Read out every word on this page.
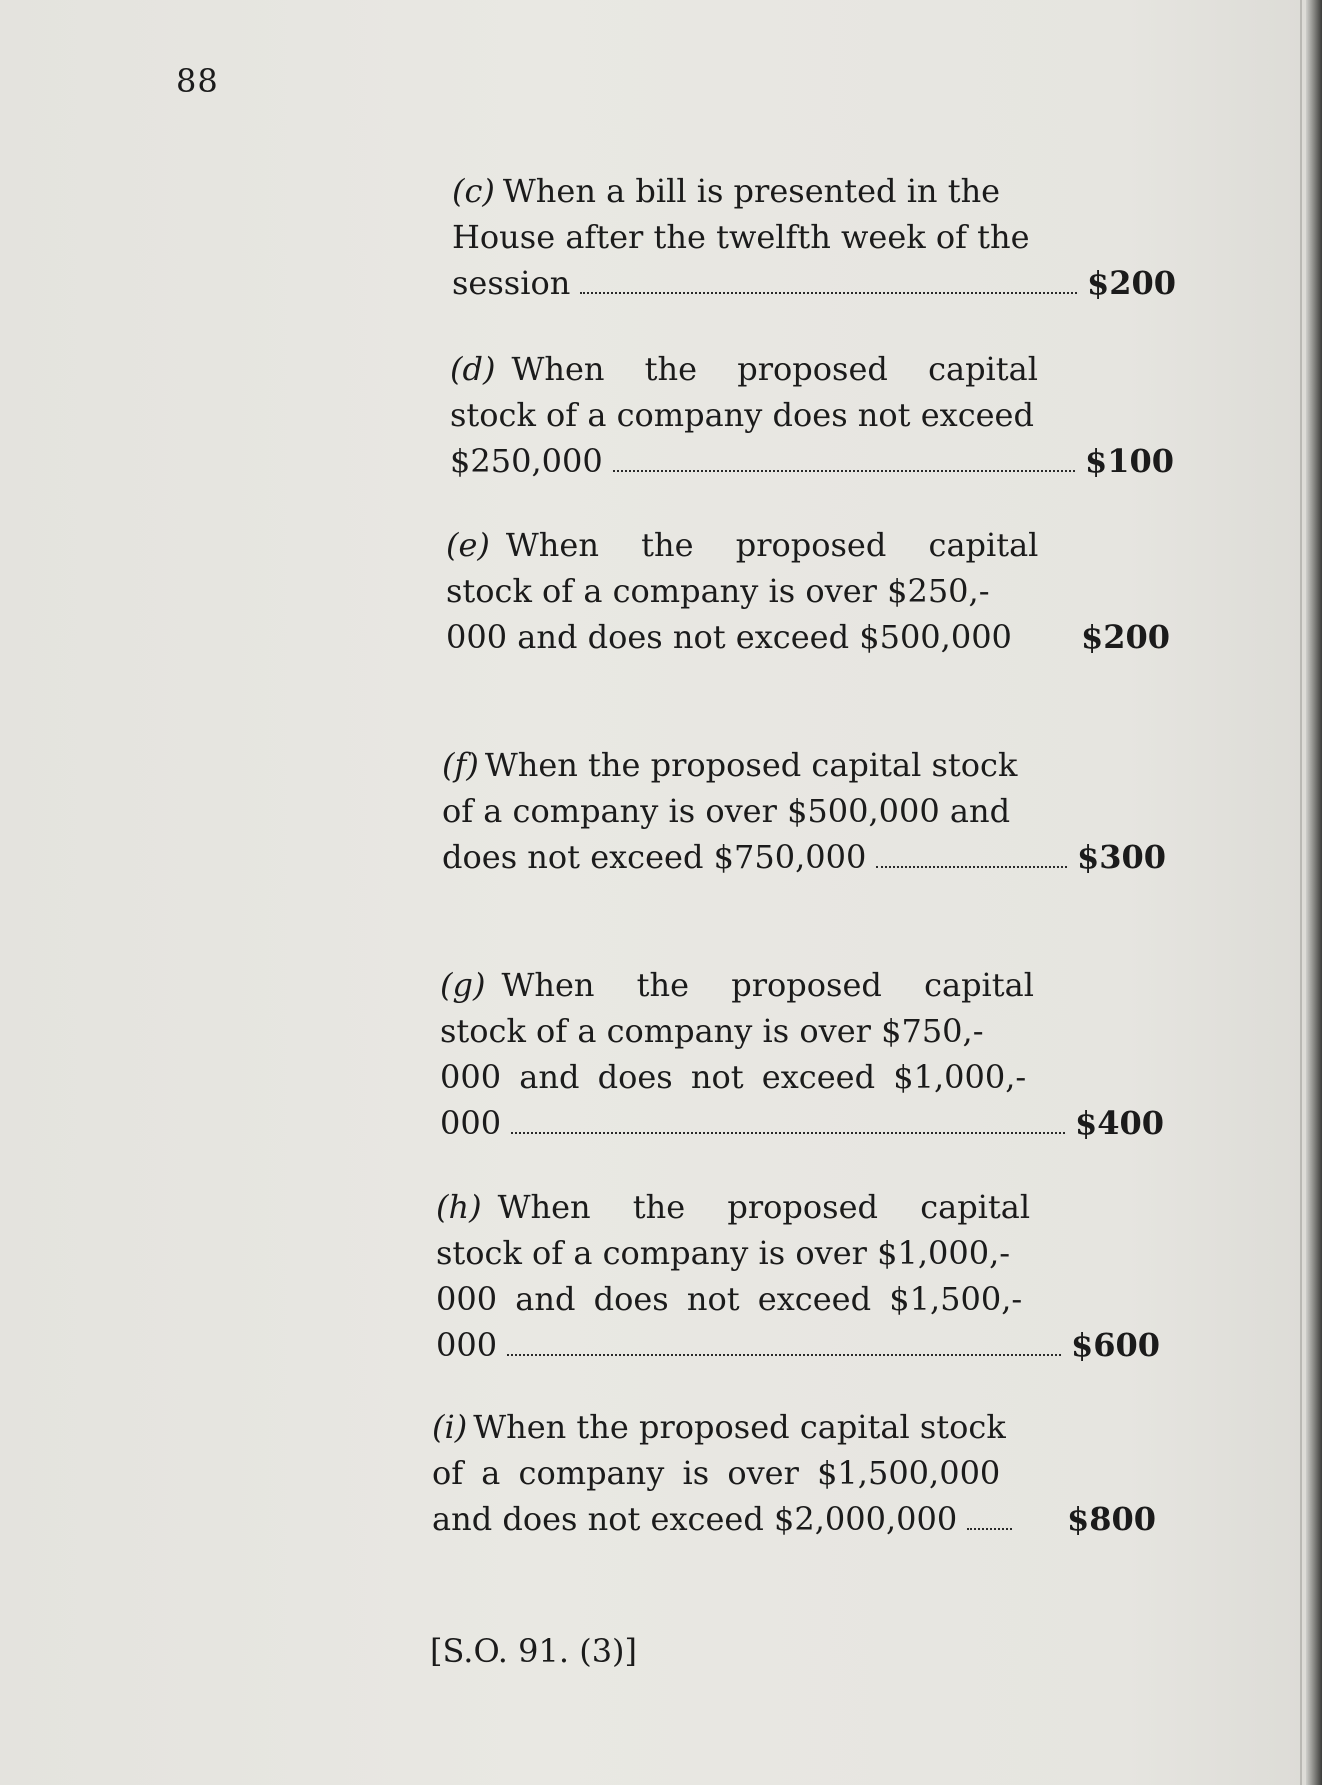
88
(c) When a bill is presented in the
House after the twelfth week of the
session	$200
(d) When the proposed capital
stock of a company does not exceed
$250,000	$100
(e) When the proposed capital
stock of a company is over $250,-
000 and does not exceed $500,000 $200
(f) When the proposed capital stock
of a company is over $500,000 and
does not exceed $750,000	$300
(g) When the proposed capital
stock of a company is over $750,-
000 and does not exceed $1,000,-
000	$400
(h) When the proposed capital
stock of a company is over $1,000,-
000 and does not exceed $1,500,-
000	$600
(i) When the proposed capital stock
of a company is over $1,500,000
and does not exceed $2,000,000	$800
[S.O. 91. (3)]
